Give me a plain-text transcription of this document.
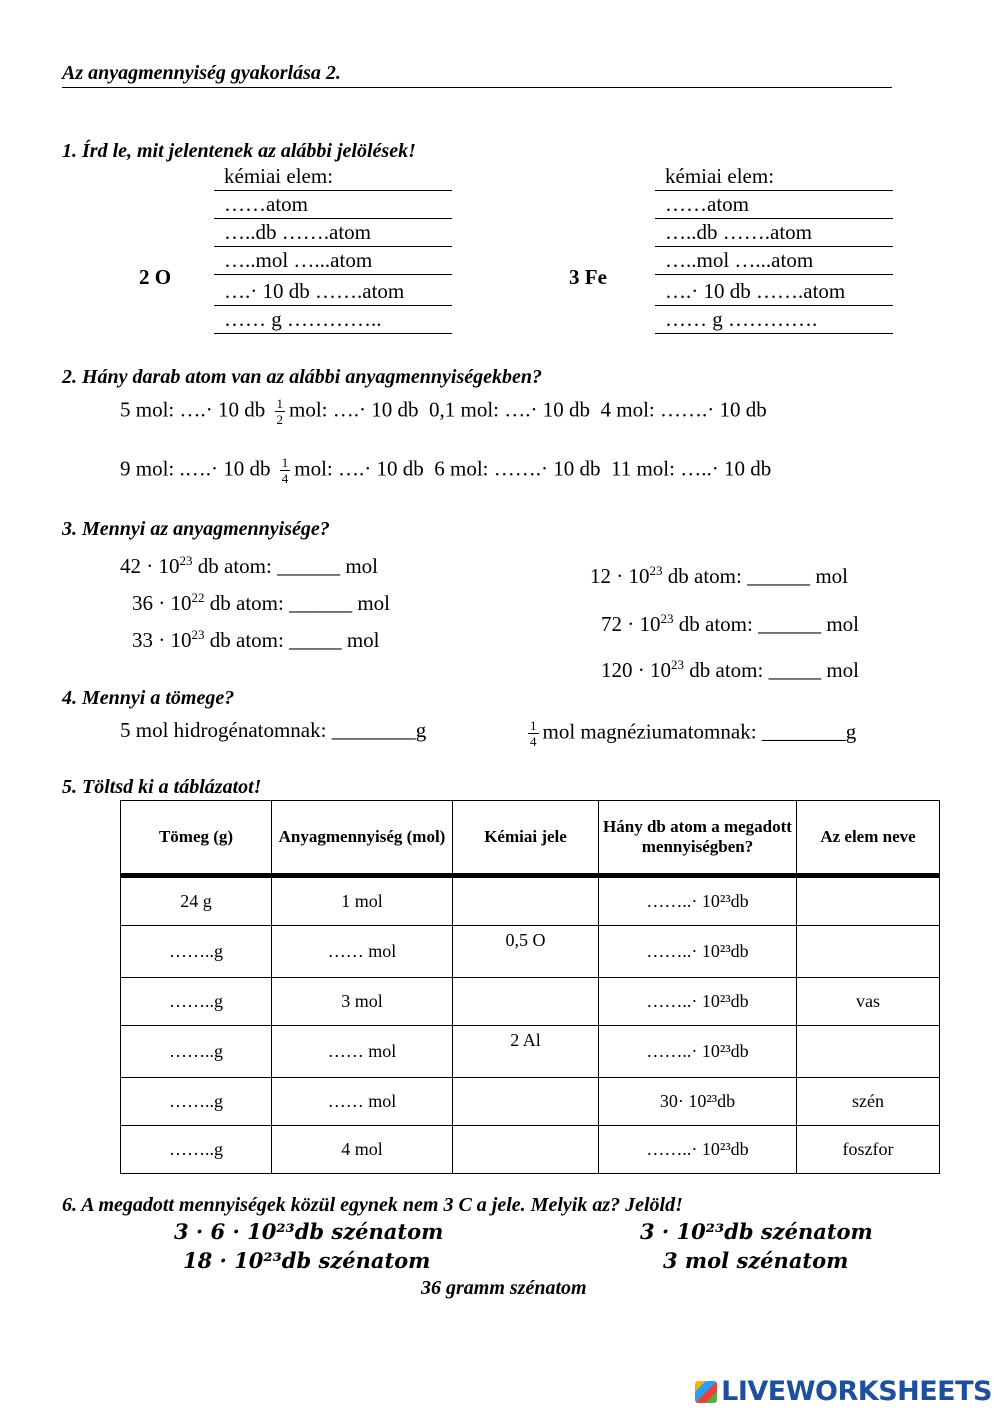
Az anyagmennyiség gyakorlása 2.
1. Írd le, mit jelentenek az alábbi jelölések!
kémiai elem:
……atom
…..db …….atom
…..mol …...atom
….· 10 db …….atom
…… g …………..
2 O
kémiai elem:
……atom
…..db …….atom
…..mol …...atom
….· 10 db …….atom
…… g ………….
3 Fe
2. Hány darab atom van az alábbi anyagmennyiségekben?
5 mol: ….· 10 db $\frac{1}{2}$ mol: ….· 10 db 0,1 mol: ….· 10 db 4 mol: …….· 10 db
9 mol: .….· 10 db $\frac{1}{4}$ mol: ….· 10 db 6 mol: …….· 10 db 11 mol: …..· 10 db
3. Mennyi az anyagmennyisége?
$42 \cdot 10^{23}$ db atom: ______ mol
$36 \cdot 10^{22}$ db atom: ______ mol
$33 \cdot 10^{23}$ db atom: _____ mol
$12 \cdot 10^{23}$ db atom: ______ mol
$72 \cdot 10^{23}$ db atom: ______ mol
$120 \cdot 10^{23}$ db atom: _____ mol
4. Mennyi a tömege?
5 mol hidrogénatomnak: ________g	$\frac{1}{4}$ mol magnéziumatomnak: ________g
5. Töltsd ki a táblázatot!
Tömeg (g)	Anyagmennyiség (mol)	Kémiai jele	Hány db atom a megadott mennyiségben?	Az elem neve
24 g	1 mol		……..· 10²³db	
……..g	…… mol	0,5 O	……..· 10²³db	
……..g	3 mol		……..· 10²³db	vas
……..g	…… mol	2 Al	……..· 10²³db	
……..g	…… mol		30· 10²³db	szén
……..g	4 mol		……..· 10²³db	foszfor
6. A megadott mennyiségek közül egynek nem 3 C a jele. Melyik az? Jelöld!
3 · 6 · 10²³db szénatom	3 · 10²³db szénatom
18 · 10²³db szénatom	3 mol szénatom
36 gramm szénatom
LIVEWORKSHEETS
